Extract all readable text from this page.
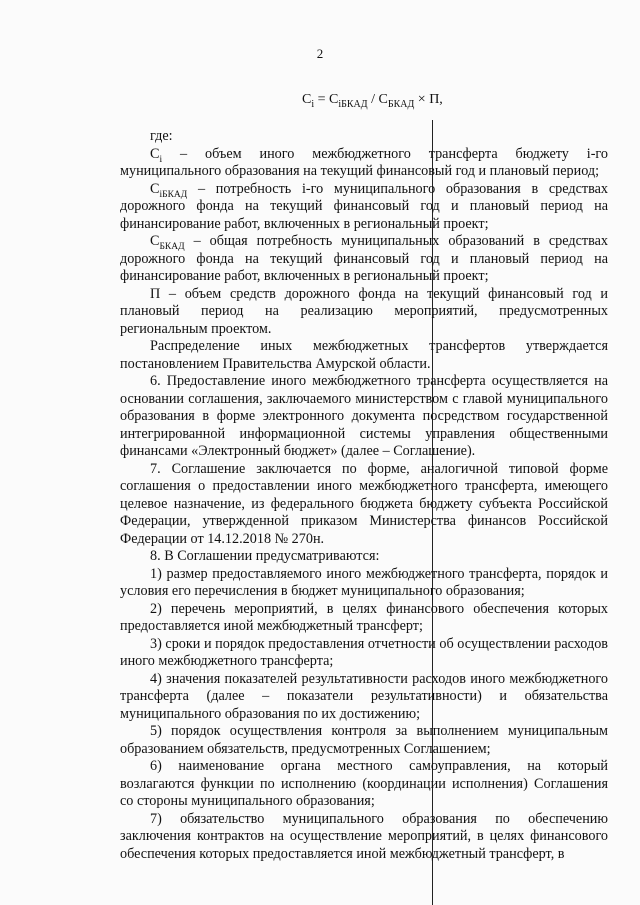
2
$C_i = C_{iБКАД} / C_{БКАД} \times П$,

где:

$C_i$ – объем иного межбюджетного трансферта бюджету i-го муниципального образования на текущий финансовый год и плановый период;

$C_{iБКАД}$ – потребность i-го муниципального образования в средствах дорожного фонда на текущий финансовый год и плановый период на финансирование работ, включенных в региональный проект;

$C_{БКАД}$ – общая потребность муниципальных образований в средствах дорожного фонда на текущий финансовый год и плановый период на финансирование работ, включенных в региональный проект;

П – объем средств дорожного фонда на текущий финансовый год и плановый период на реализацию мероприятий, предусмотренных региональным проектом.

Распределение иных межбюджетных трансфертов утверждается постановлением Правительства Амурской области.

6. Предоставление иного межбюджетного трансферта осуществляется на основании соглашения, заключаемого министерством с главой муниципального образования в форме электронного документа посредством государственной интегрированной информационной системы управления общественными финансами «Электронный бюджет» (далее – Соглашение).

7. Соглашение заключается по форме, аналогичной типовой форме соглашения о предоставлении иного межбюджетного трансферта, имеющего целевое назначение, из федерального бюджета бюджету субъекта Российской Федерации, утвержденной приказом Министерства финансов Российской Федерации от 14.12.2018 № 270н.

8. В Соглашении предусматриваются:

1) размер предоставляемого иного межбюджетного трансферта, порядок и условия его перечисления в бюджет муниципального образования;

2) перечень мероприятий, в целях финансового обеспечения которых предоставляется иной межбюджетный трансферт;

3) сроки и порядок предоставления отчетности об осуществлении расходов иного межбюджетного трансферта;

4) значения показателей результативности расходов иного межбюджетного трансферта (далее – показатели результативности) и обязательства муниципального образования по их достижению;

5) порядок осуществления контроля за выполнением муниципальным образованием обязательств, предусмотренных Соглашением;

6) наименование органа местного самоуправления, на который возлагаются функции по исполнению (координации исполнения) Соглашения со стороны муниципального образования;

7) обязательство муниципального образования по обеспечению заключения контрактов на осуществление мероприятий, в целях финансового обеспечения которых предоставляется иной межбюджетный трансферт, в
